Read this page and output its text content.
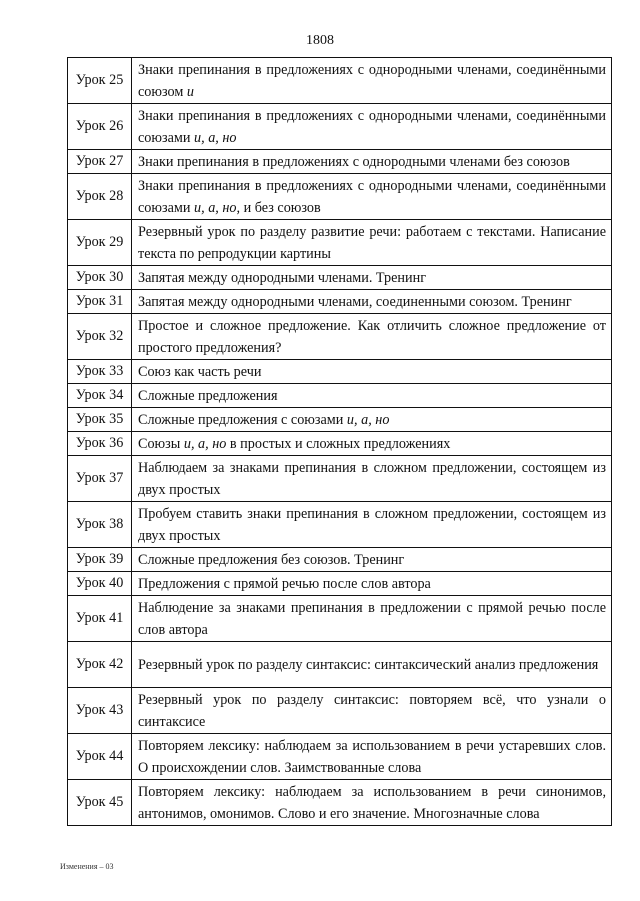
1808
Урок 25	Знаки препинания в предложениях с однородными членами, соединёнными союзом и
Урок 26	Знаки препинания в предложениях с однородными членами, соединёнными союзами и, а, но
Урок 27	Знаки препинания в предложениях с однородными членами без союзов
Урок 28	Знаки препинания в предложениях с однородными членами, соединёнными союзами и, а, но, и без союзов
Урок 29	Резервный урок по разделу развитие речи: работаем с текстами. Написание текста по репродукции картины
Урок 30	Запятая между однородными членами. Тренинг
Урок 31	Запятая между однородными членами, соединенными союзом. Тренинг
Урок 32	Простое и сложное предложение. Как отличить сложное предложение от простого предложения?
Урок 33	Союз как часть речи
Урок 34	Сложные предложения
Урок 35	Сложные предложения с союзами и, а, но
Урок 36	Союзы и, а, но в простых и сложных предложениях
Урок 37	Наблюдаем за знаками препинания в сложном предложении, состоящем из двух простых
Урок 38	Пробуем ставить знаки препинания в сложном предложении, состоящем из двух простых
Урок 39	Сложные предложения без союзов. Тренинг
Урок 40	Предложения с прямой речью после слов автора
Урок 41	Наблюдение за знаками препинания в предложении с прямой речью после слов автора
Урок 42	Резервный урок по разделу синтаксис: синтаксический анализ предложения
Урок 43	Резервный урок по разделу синтаксис: повторяем всё, что узнали о синтаксисе
Урок 44	Повторяем лексику: наблюдаем за использованием в речи устаревших слов. О происхождении слов. Заимствованные слова
Урок 45	Повторяем лексику: наблюдаем за использованием в речи синонимов, антонимов, омонимов. Слово и его значение. Многозначные слова
Изменения – 03
